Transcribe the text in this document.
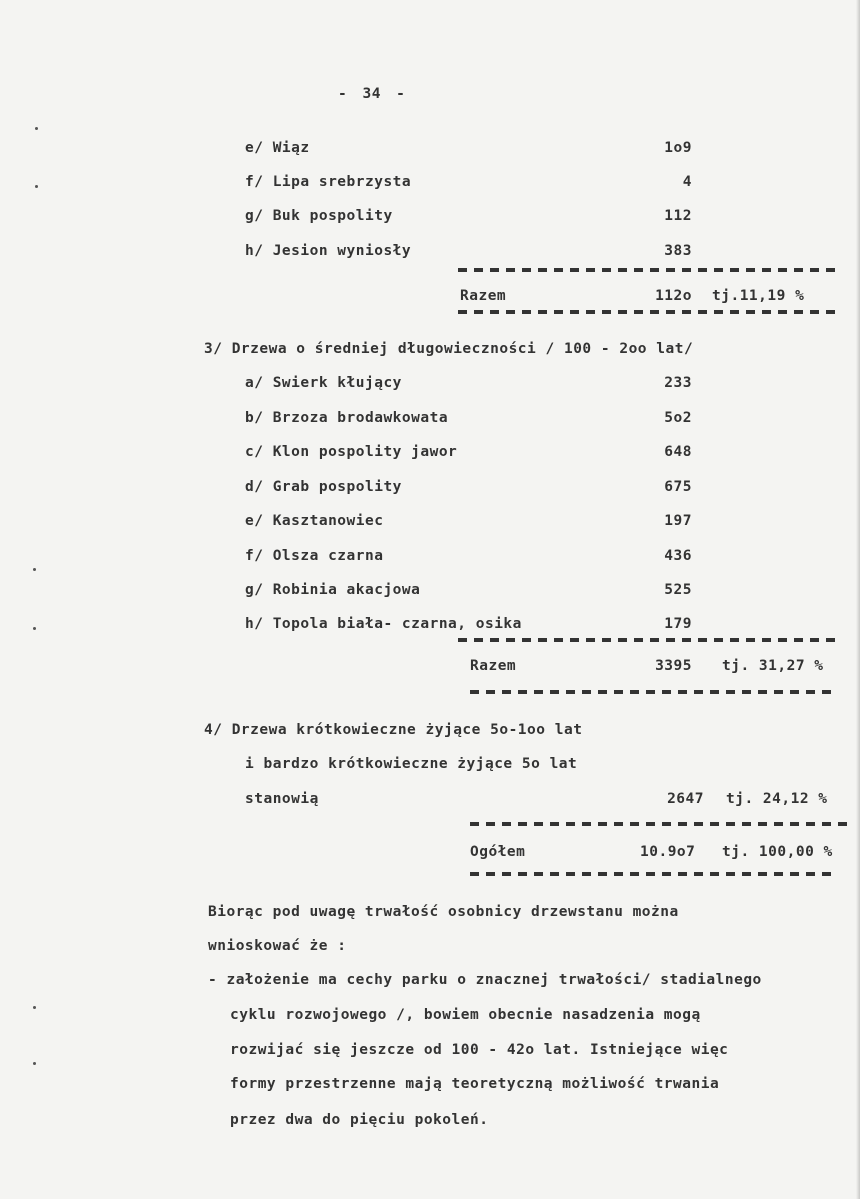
- 34 -
e/ Wiąz	1o9
f/ Lipa srebrzysta	4
g/ Buk pospolity	112
h/ Jesion wyniosły	383
Razem	112o tj.11,19 %
3/ Drzewa o średniej długowieczności / 100 - 2oo lat/
a/ Swierk kłujący	233
b/ Brzoza brodawkowata	5o2
c/ Klon pospolity jawor	648
d/ Grab pospolity	675
e/ Kasztanowiec	197
f/ Olsza czarna	436
g/ Robinia akacjowa	525
h/ Topola biała- czarna, osika	179
Razem	3395 tj. 31,27 %
4/ Drzewa krótkowieczne żyjące 5o-1oo lat
i bardzo krótkowieczne żyjące 5o lat
stanowią	2647 tj. 24,12 %
Ogółem	10.9o7 tj. 100,00 %
Biorąc pod uwagę trwałość osobnicy drzewstanu można
wnioskować że :
- założenie ma cechy parku o znacznej trwałości/ stadialnego
cyklu rozwojowego /, bowiem obecnie nasadzenia mogą
rozwijać się jeszcze od 100 - 42o lat. Istniejące więc
formy przestrzenne mają teoretyczną możliwość trwania
przez dwa do pięciu pokoleń.
